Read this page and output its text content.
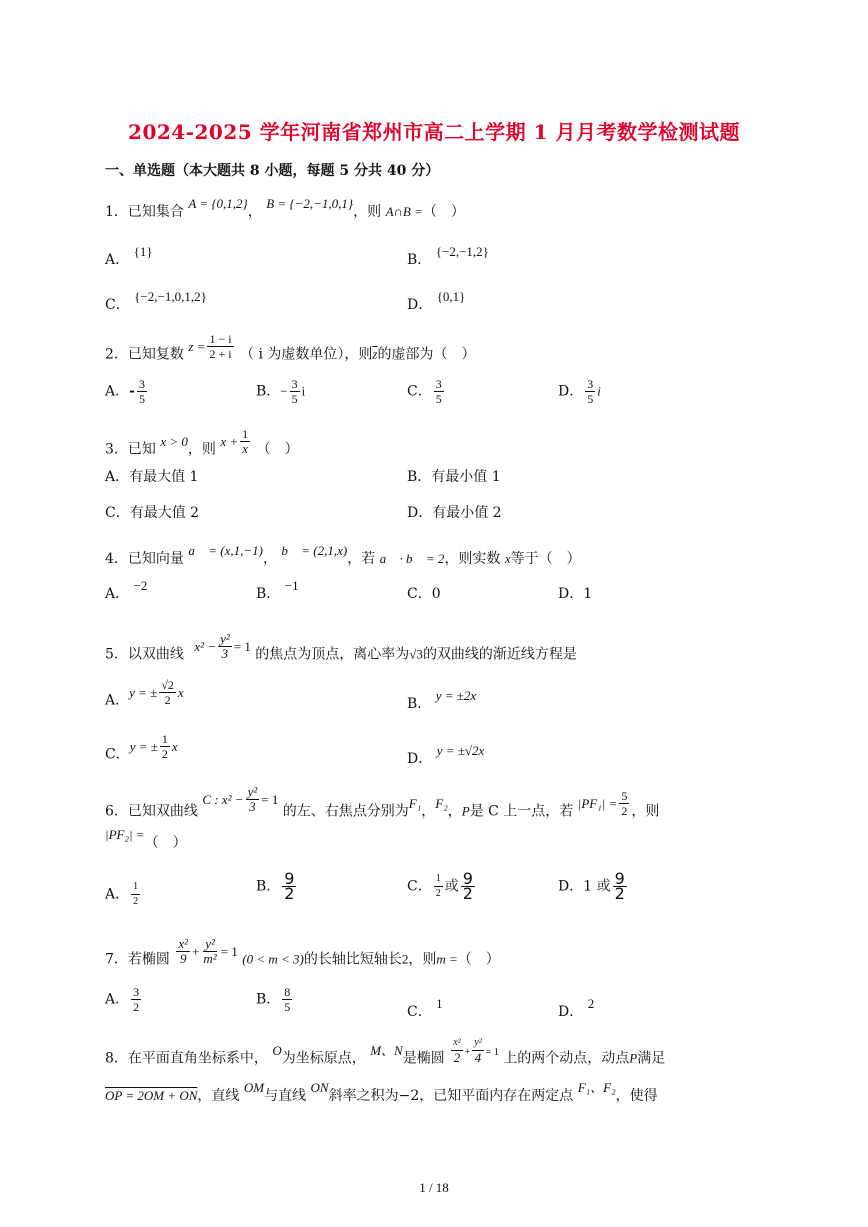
2024-2025 学年河南省郑州市高二上学期 1 月月考数学检测试题
一、单选题（本大题共 8 小题，每题 5 分共 40 分）
1．已知集合 A = {0,1,2}， B = {−2,−1,0,1}，则 A∩B =（　）
A． {1}
B． {−2,−1,2}
C． {−2,−1,0,1,2}
D． {0,1}
2．已知复数 $z = \frac{1 - i}{2 + i}$ （ i 为虚数单位），则$\overline{z}$的虚部为（　）
A．- $\frac{3}{5}$	B．− $\frac{3}{5}$ i	C． $\frac{3}{5}$	D． $\frac{3}{5}$ i
3．已知 x > 0，则 $x + \frac{1}{x}$ （　）
A．有最大值 1	B．有最小值 1
C．有最大值 2	D．有最小值 2
4．已知向量 a⃗ = (x,1,−1)， b⃗ = (2,1,x)，若 a⃗ · b⃗ = 2，则实数 x等于（　）
A． −2
B． −1
C．0	D．1
5．以双曲线 $x^2 - \frac{\text{y²}}{3} = 1$ 的焦点为顶点，离心率为√3的双曲线的渐近线方程是
A．y = ± $\frac{√2}{2}$ x
B． y = ±2x
C．y = ± $\frac{1}{2}$ x
D． y = ±√2x
6．已知双曲线 C : $x^2 - \frac{\text{y²}}{3} = 1$ 的左、右焦点分别为F₁，F₂，P是 C 上一点，若 $|PF_1| = \frac{5}{2}$ ，则
|PF₂| =（　）
A． $\frac{1}{2}$	B． $\frac{9}{2}$	C． $\frac{1}{2}$ 或 $\frac{9}{2}$	D．1 或 $\frac{9}{2}$
7．若椭圆 $\frac{\text{x²}}{9} + \frac{\text{y²}}{\text{m²}} = 1$ (0 < m < 3)的长轴比短轴长2，则m =（　）
A． $\frac{3}{2}$	B． $\frac{8}{5}$	C． 1
D． 2
8．在平面直角坐标系中， O为坐标原点， M、N是椭圆 $\frac{\text{x²}}{2} + \frac{\text{y²}}{4} = 1$ 上的两个动点，动点P满足
OP = 2OM + ON，直线 OM与直线 ON斜率之积为−2，已知平面内存在两定点 F₁、F₂，使得
1 / 18
